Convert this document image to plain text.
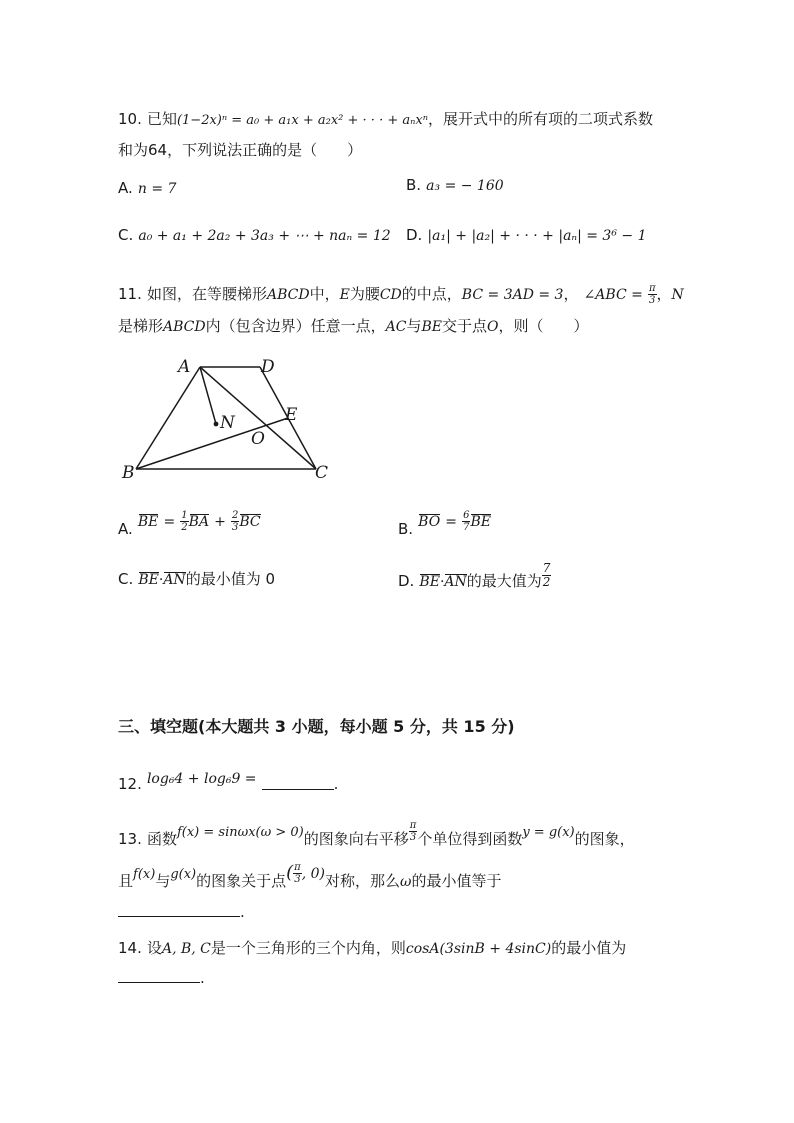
10. 已知(1−2x)ⁿ = a₀ + a₁x + a₂x² + · · · + aₙxⁿ，展开式中的所有项的二项式系数
和为64，下列说法正确的是（　　）
A. n = 7	B. a₃ = − 160
C. a₀ + a₁ + 2a₂ + 3a₃ + ⋯ + naₙ = 12 D. |a₁| + |a₂| + · · · + |aₙ| = 3⁶ − 1
11. 如图，在等腰梯形ABCD中，E为腰CD的中点，BC = 3AD = 3， ∠ABC = $\frac{\pi}{3}$ ，N
是梯形ABCD内（包含边界）任意一点，AC与BE交于点O，则（　　）
A	D
E
N
O
B	C
A. BE = $\frac{1}{2}$ BA + $\frac{2}{3}$ BC	B. BO = $\frac{6}{7}$ BE
C. BE·AN的最小值为 0	D. BE·AN的最大值为 $\frac{7}{2}$
三、填空题(本大题共 3 小题，每小题 5 分，共 15 分)
12. log₆4 + log₆9 =	.
13. 函数f(x) = sinωx(ω > 0)的图象向右平移 $\frac{\pi}{3}$ 个单位得到函数y = g(x)的图象，
且f(x)与g(x)的图象关于点( $\frac{\pi}{3}$ , 0)对称，那么ω的最小值等于
.
14. 设A, B, C是一个三角形的三个内角，则cosA(3sinB + 4sinC)的最小值为
.
